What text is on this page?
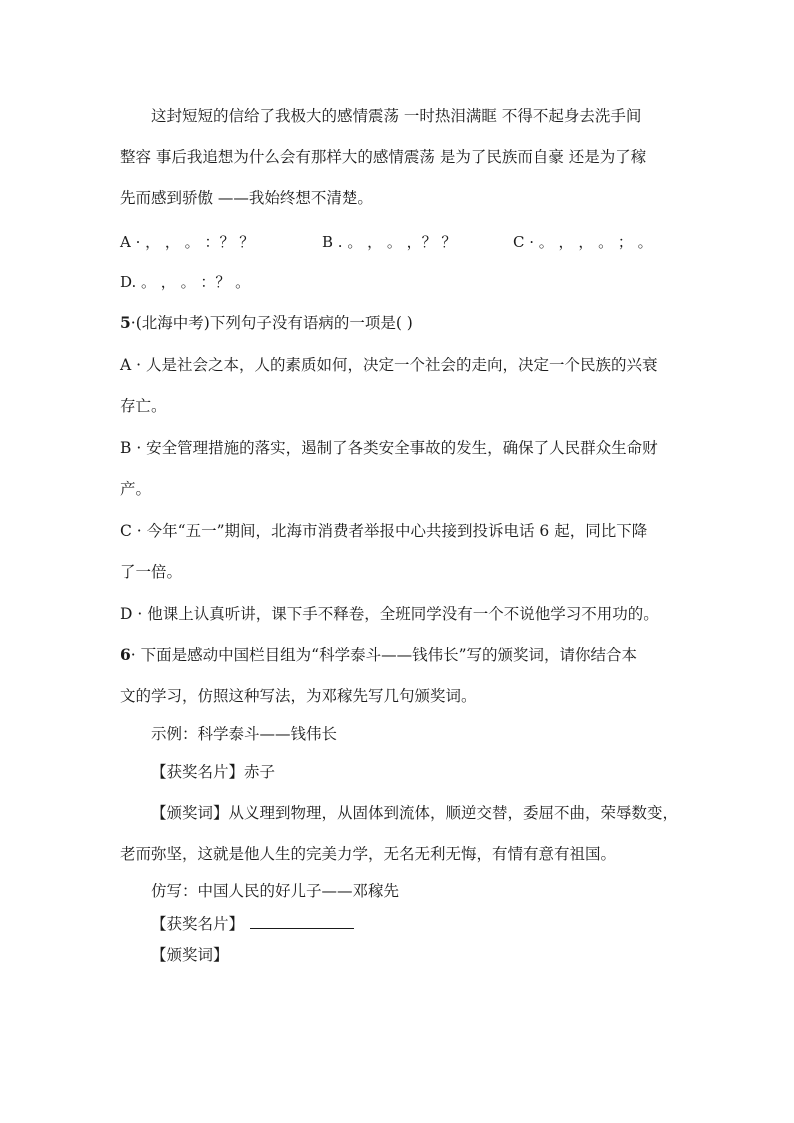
这封短短的信给了我极大的感情震荡 一时热泪满眶 不得不起身去洗手间
整容 事后我追想为什么会有那样大的感情震荡 是为了民族而自豪 还是为了稼
先而感到骄傲 ——我始终想不清楚。
A · ， ， 。 ：？ ？	B . 。 ， 。 ，？ ？	C · 。 ， ， 。 ； 。
D. 。 ， 。 ：？ 。
5·(北海中考)下列句子没有语病的一项是( )
A · 人是社会之本，人的素质如何，决定一个社会的走向，决定一个民族的兴衰
存亡。
B · 安全管理措施的落实，遏制了各类安全事故的发生，确保了人民群众生命财
产。
C · 今年“五一”期间，北海市消费者举报中心共接到投诉电话 6 起，同比下降
了一倍。
D · 他课上认真听讲，课下手不释卷，全班同学没有一个不说他学习不用功的。
6· 下面是感动中国栏目组为“科学泰斗——钱伟长”写的颁奖词，请你结合本
文的学习，仿照这种写法，为邓稼先写几句颁奖词。
示例：科学泰斗——钱伟长
【获奖名片】赤子
【颁奖词】从义理到物理，从固体到流体，顺逆交替，委屈不曲，荣辱数变，
老而弥坚，这就是他人生的完美力学，无名无利无悔，有情有意有祖国。
仿写：中国人民的好儿子——邓稼先
【获奖名片】
【颁奖词】
